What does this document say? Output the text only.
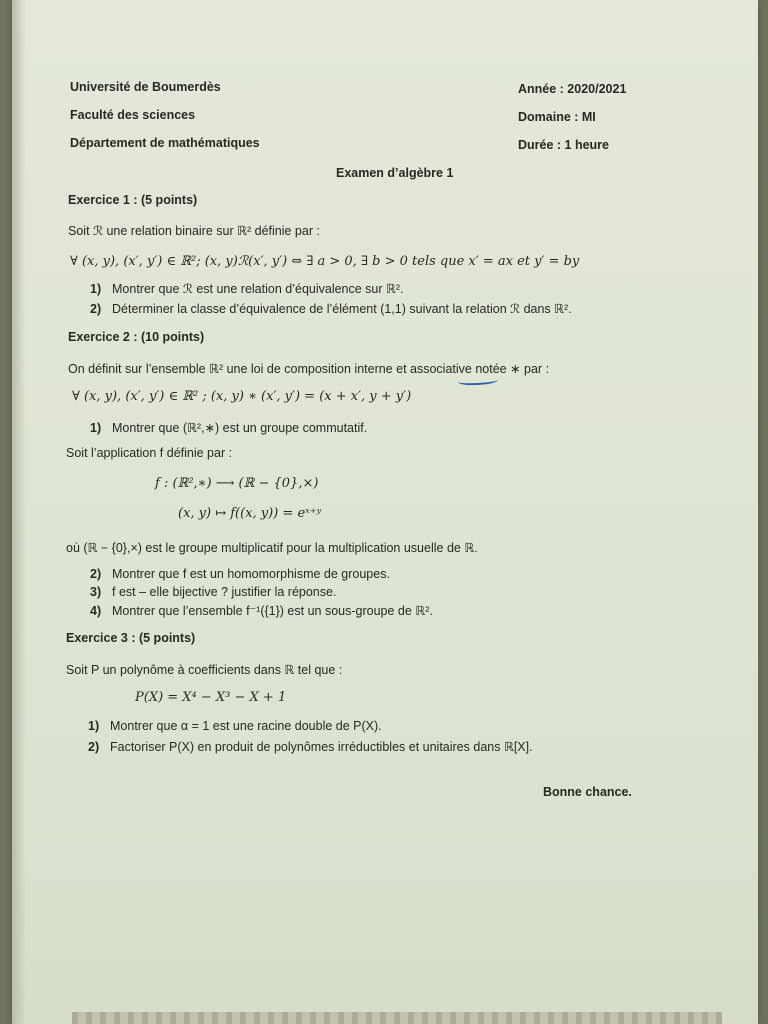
Université de Boumerdès
Faculté des sciences
Département de mathématiques
Année : 2020/2021
Domaine : MI
Durée : 1 heure
Examen d’algèbre 1
Exercice 1 : (5 points)
Soit ℛ une relation binaire sur ℝ² définie par :
∀ (x, y), (x′, y′) ∈ ℝ²; (x, y)ℛ(x′, y′) ⇔ ∃ a > 0, ∃ b > 0 tels que x′ = ax et y′ = by
1) Montrer que ℛ est une relation d’équivalence sur ℝ².
2) Déterminer la classe d’équivalence de l’élément (1,1) suivant la relation ℛ dans ℝ².
Exercice 2 : (10 points)
On définit sur l’ensemble ℝ² une loi de composition interne et associative notée ∗ par :
∀ (x, y), (x′, y′) ∈ ℝ² ; (x, y) ∗ (x′, y′) = (x + x′, y + y′)
1) Montrer que (ℝ²,∗) est un groupe commutatif.
Soit l’application f définie par :
f : (ℝ²,∗) ⟶ (ℝ − {0},×)
(x, y) ↦ f((x, y)) = eˣ⁺ʸ
où (ℝ − {0},×) est le groupe multiplicatif pour la multiplication usuelle de ℝ.
2) Montrer que f est un homomorphisme de groupes.
3) f est – elle bijective ? justifier la réponse.
4) Montrer que l’ensemble f⁻¹({1}) est un sous-groupe de ℝ².
Exercice 3 : (5 points)
Soit P un polynôme à coefficients dans ℝ tel que :
P(X) = X⁴ − X³ − X + 1
1) Montrer que α = 1 est une racine double de P(X).
2) Factoriser P(X) en produit de polynômes irréductibles et unitaires dans ℝ[X].
Bonne chance.
